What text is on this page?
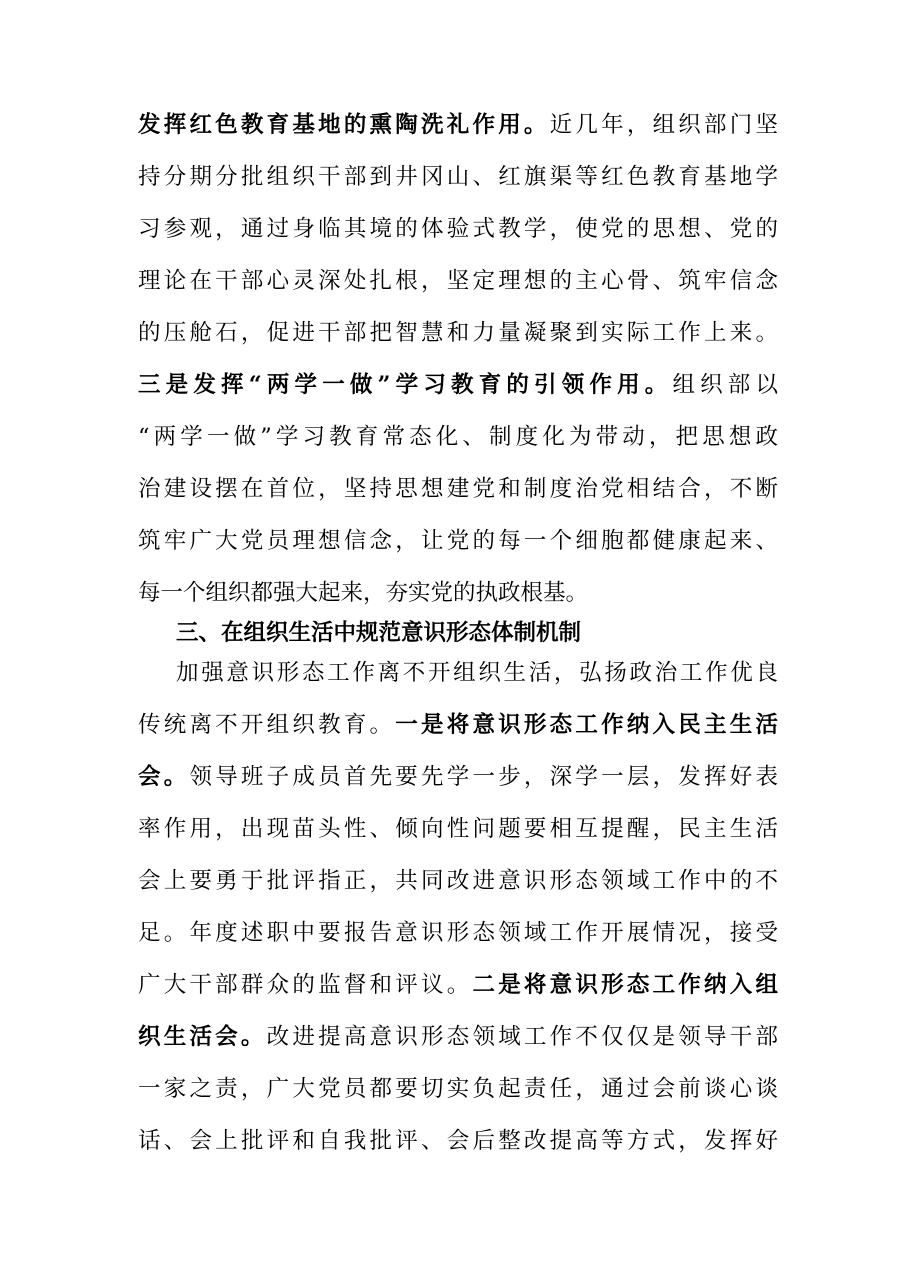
发挥红色教育基地的熏陶洗礼作用。近几年，组织部门坚
持分期分批组织干部到井冈山、红旗渠等红色教育基地学
习参观，通过身临其境的体验式教学，使党的思想、党的
理论在干部心灵深处扎根，坚定理想的主心骨、筑牢信念
的压舱石，促进干部把智慧和力量凝聚到实际工作上来。
三是发挥“两学一做”学习教育的引领作用。组织部以
“两学一做”学习教育常态化、制度化为带动，把思想政
治建设摆在首位，坚持思想建党和制度治党相结合，不断
筑牢广大党员理想信念，让党的每一个细胞都健康起来、
每一个组织都强大起来，夯实党的执政根基。
三、在组织生活中规范意识形态体制机制
加强意识形态工作离不开组织生活，弘扬政治工作优良
传统离不开组织教育。一是将意识形态工作纳入民主生活
会。领导班子成员首先要先学一步，深学一层，发挥好表
率作用，出现苗头性、倾向性问题要相互提醒，民主生活
会上要勇于批评指正，共同改进意识形态领域工作中的不
足。年度述职中要报告意识形态领域工作开展情况，接受
广大干部群众的监督和评议。二是将意识形态工作纳入组
织生活会。改进提高意识形态领域工作不仅仅是领导干部
一家之责，广大党员都要切实负起责任，通过会前谈心谈
话、会上批评和自我批评、会后整改提高等方式，发挥好
